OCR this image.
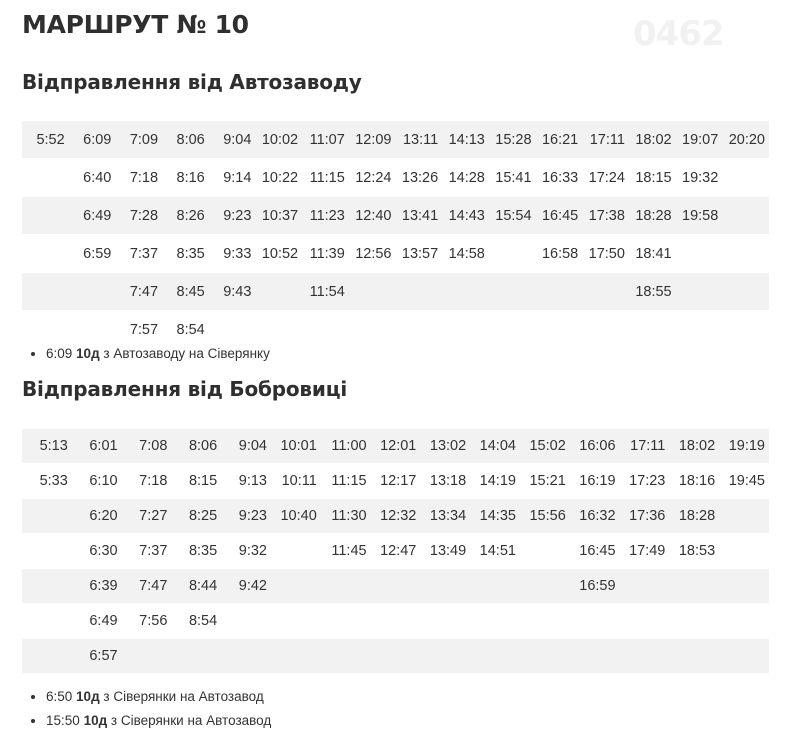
0462
МАРШРУТ № 10
Відправлення від Автозаводу
5:52	6:09	7:09	8:06	9:04	10:02	11:07	12:09	13:11	14:13	15:28	16:21	17:11	18:02	19:07	20:20
	6:40	7:18	8:16	9:14	10:22	11:15	12:24	13:26	14:28	15:41	16:33	17:24	18:15	19:32	
	6:49	7:28	8:26	9:23	10:37	11:23	12:40	13:41	14:43	15:54	16:45	17:38	18:28	19:58	
	6:59	7:37	8:35	9:33	10:52	11:39	12:56	13:57	14:58		16:58	17:50	18:41		
		7:47	8:45	9:43		11:54							18:55		
		7:57	8:54												
• 6:09 10д з Автозаводу на Сіверянку
Відправлення від Бобровиці
5:13	6:01	7:08	8:06	9:04	10:01	11:00	12:01	13:02	14:04	15:02	16:06	17:11	18:02	19:19
5:33	6:10	7:18	8:15	9:13	10:11	11:15	12:17	13:18	14:19	15:21	16:19	17:23	18:16	19:45
	6:20	7:27	8:25	9:23	10:40	11:30	12:32	13:34	14:35	15:56	16:32	17:36	18:28	
	6:30	7:37	8:35	9:32		11:45	12:47	13:49	14:51		16:45	17:49	18:53	
	6:39	7:47	8:44	9:42							16:59			
	6:49	7:56	8:54											
	6:57													
• 6:50 10д з Сіверянки на Автозавод
• 15:50 10д з Сіверянки на Автозавод
